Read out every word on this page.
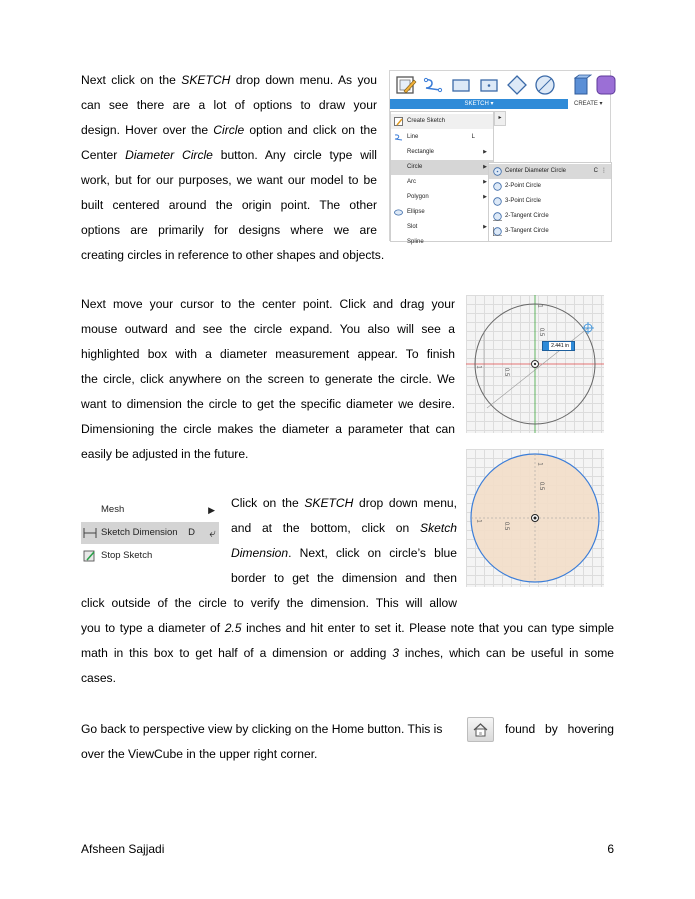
Next click on the SKETCH drop down menu. As you
can see there are a lot of options to draw your
design. Hover over the Circle option and click on the
Center Diameter Circle button. Any circle type will
work, but for our purposes, we want our model to be
built centered around the origin point. The other
options are primarily for designs where we are
creating circles in reference to other shapes and objects.
SKETCH ▾	CREATE ▾
Create Sketch
Line	L
Rectangle	▶
Circle	▶
Arc	▶
Polygon	▶
Ellipse
Slot	▶
Spline
▸
Center Diameter Circle	C ⋮
2-Point Circle
3-Point Circle
2-Tangent Circle
3-Tangent Circle
Next move your cursor to the center point. Click and drag your
mouse outward and see the circle expand. You also will see a
highlighted box with a diameter measurement appear. To finish
the circle, click anywhere on the screen to generate the circle. We
want to dimension the circle to get the specific diameter we desire.
Dimensioning the circle makes the diameter a parameter that can
easily be adjusted in the future.
2.441 in
0.5
0.5
1
1
0.5
0.5
1
1
Mesh	▶
Sketch Dimension D ⤶
Stop Sketch
Click on the SKETCH drop down menu,
and at the bottom, click on Sketch
Dimension. Next, click on circle’s blue
border to get the dimension and then
click outside of the circle to verify the dimension. This will allow
you to type a diameter of 2.5 inches and hit enter to set it. Please note that you can type simple
math in this box to get half of a dimension or adding 3 inches, which can be useful in some
cases.
Go back to perspective view by clicking on the Home button. This is	found by hovering
over the ViewCube in the upper right corner.
Afsheen Sajjadi	6
